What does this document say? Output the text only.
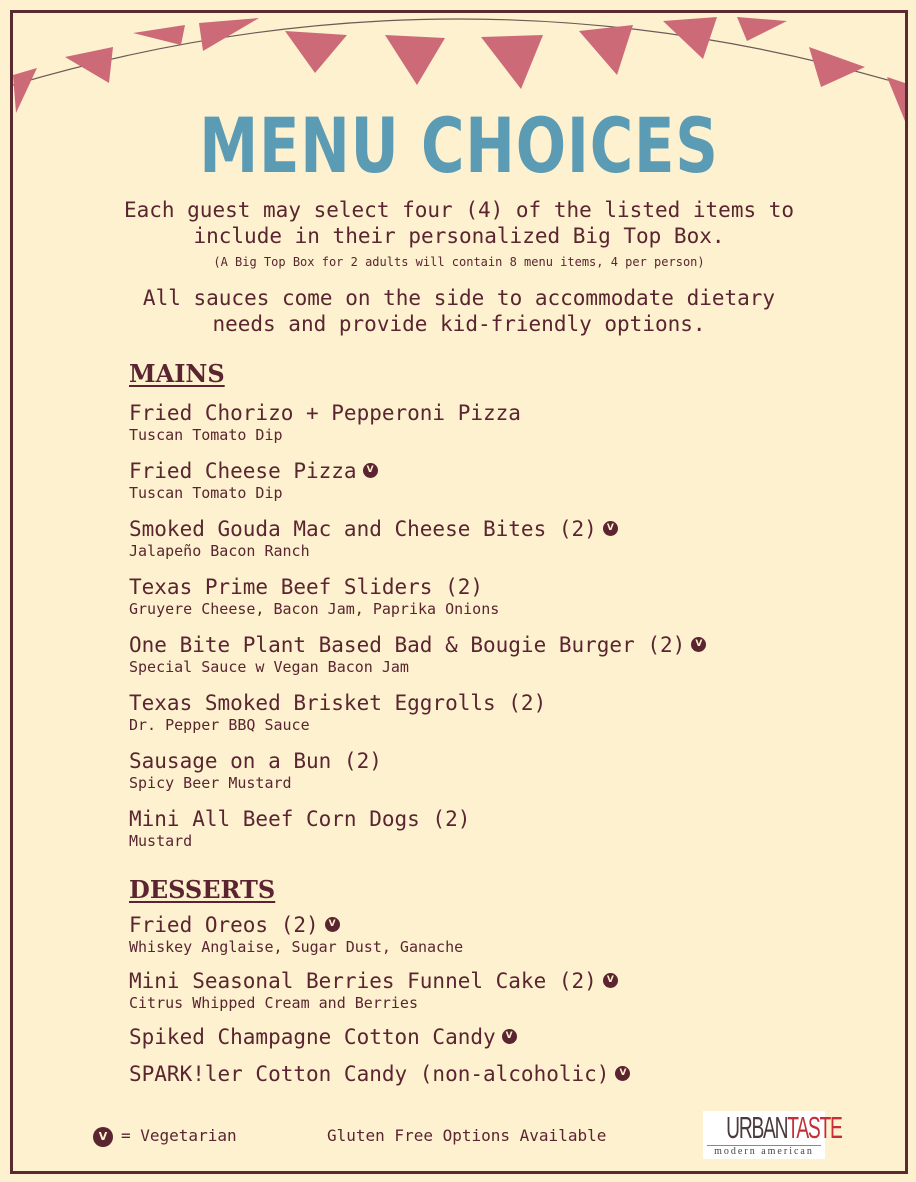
MENU CHOICES
Each guest may select four (4) of the listed items to
include in their personalized Big Top Box.
(A Big Top Box for 2 adults will contain 8 menu items, 4 per person)
All sauces come on the side to accommodate dietary
needs and provide kid-friendly options.
MAINS
Fried Chorizo + Pepperoni Pizza
Tuscan Tomato Dip
Fried Cheese Pizza V
Tuscan Tomato Dip
Smoked Gouda Mac and Cheese Bites (2) V
Jalapeño Bacon Ranch
Texas Prime Beef Sliders (2)
Gruyere Cheese, Bacon Jam, Paprika Onions
One Bite Plant Based Bad & Bougie Burger (2) V
Special Sauce w Vegan Bacon Jam
Texas Smoked Brisket Eggrolls (2)
Dr. Pepper BBQ Sauce
Sausage on a Bun (2)
Spicy Beer Mustard
Mini All Beef Corn Dogs (2)
Mustard
DESSERTS
Fried Oreos (2) V
Whiskey Anglaise, Sugar Dust, Ganache
Mini Seasonal Berries Funnel Cake (2) V
Citrus Whipped Cream and Berries
Spiked Champagne Cotton Candy V
SPARK!ler Cotton Candy (non-alcoholic) V
V = Vegetarian	Gluten Free Options Available	URBANTASTE
modern american
